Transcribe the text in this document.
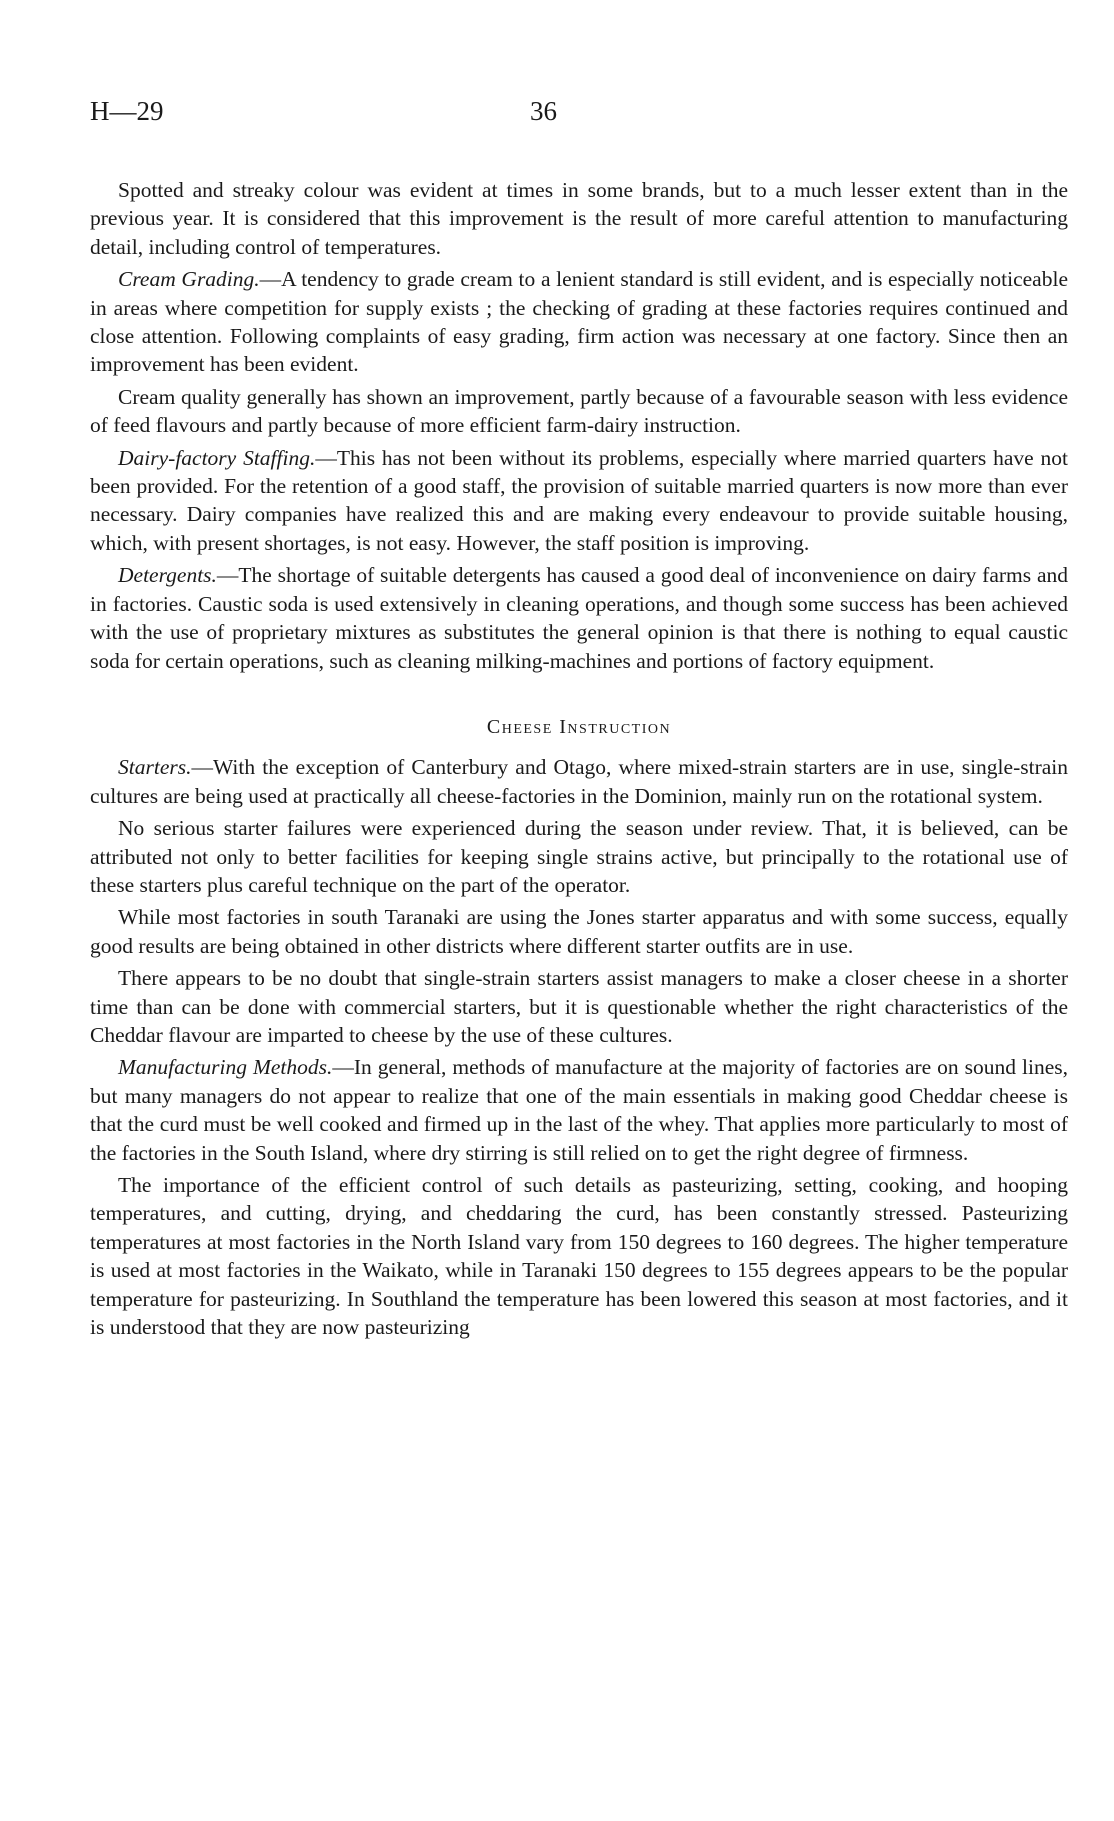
H—29	36

Spotted and streaky colour was evident at times in some brands, but to a much lesser extent than in the previous year. It is considered that this improvement is the result of more careful attention to manufacturing detail, including control of temperatures.

Cream Grading.—A tendency to grade cream to a lenient standard is still evident, and is especially noticeable in areas where competition for supply exists ; the checking of grading at these factories requires continued and close attention. Following complaints of easy grading, firm action was necessary at one factory. Since then an improvement has been evident.

Cream quality generally has shown an improvement, partly because of a favourable season with less evidence of feed flavours and partly because of more efficient farm-dairy instruction.

Dairy-factory Staffing.—This has not been without its problems, especially where married quarters have not been provided. For the retention of a good staff, the provision of suitable married quarters is now more than ever necessary. Dairy companies have realized this and are making every endeavour to provide suitable housing, which, with present shortages, is not easy. However, the staff position is improving.

Detergents.—The shortage of suitable detergents has caused a good deal of inconvenience on dairy farms and in factories. Caustic soda is used extensively in cleaning operations, and though some success has been achieved with the use of proprietary mixtures as substitutes the general opinion is that there is nothing to equal caustic soda for certain operations, such as cleaning milking-machines and portions of factory equipment.

Cheese Instruction

Starters.—With the exception of Canterbury and Otago, where mixed-strain starters are in use, single-strain cultures are being used at practically all cheese-factories in the Dominion, mainly run on the rotational system.

No serious starter failures were experienced during the season under review. That, it is believed, can be attributed not only to better facilities for keeping single strains active, but principally to the rotational use of these starters plus careful technique on the part of the operator.

While most factories in south Taranaki are using the Jones starter apparatus and with some success, equally good results are being obtained in other districts where different starter outfits are in use.

There appears to be no doubt that single-strain starters assist managers to make a closer cheese in a shorter time than can be done with commercial starters, but it is questionable whether the right characteristics of the Cheddar flavour are imparted to cheese by the use of these cultures.

Manufacturing Methods.—In general, methods of manufacture at the majority of factories are on sound lines, but many managers do not appear to realize that one of the main essentials in making good Cheddar cheese is that the curd must be well cooked and firmed up in the last of the whey. That applies more particularly to most of the factories in the South Island, where dry stirring is still relied on to get the right degree of firmness.

The importance of the efficient control of such details as pasteurizing, setting, cooking, and hooping temperatures, and cutting, drying, and cheddaring the curd, has been constantly stressed. Pasteurizing temperatures at most factories in the North Island vary from 150 degrees to 160 degrees. The higher temperature is used at most factories in the Waikato, while in Taranaki 150 degrees to 155 degrees appears to be the popular temperature for pasteurizing. In Southland the temperature has been lowered this season at most factories, and it is understood that they are now pasteurizing
